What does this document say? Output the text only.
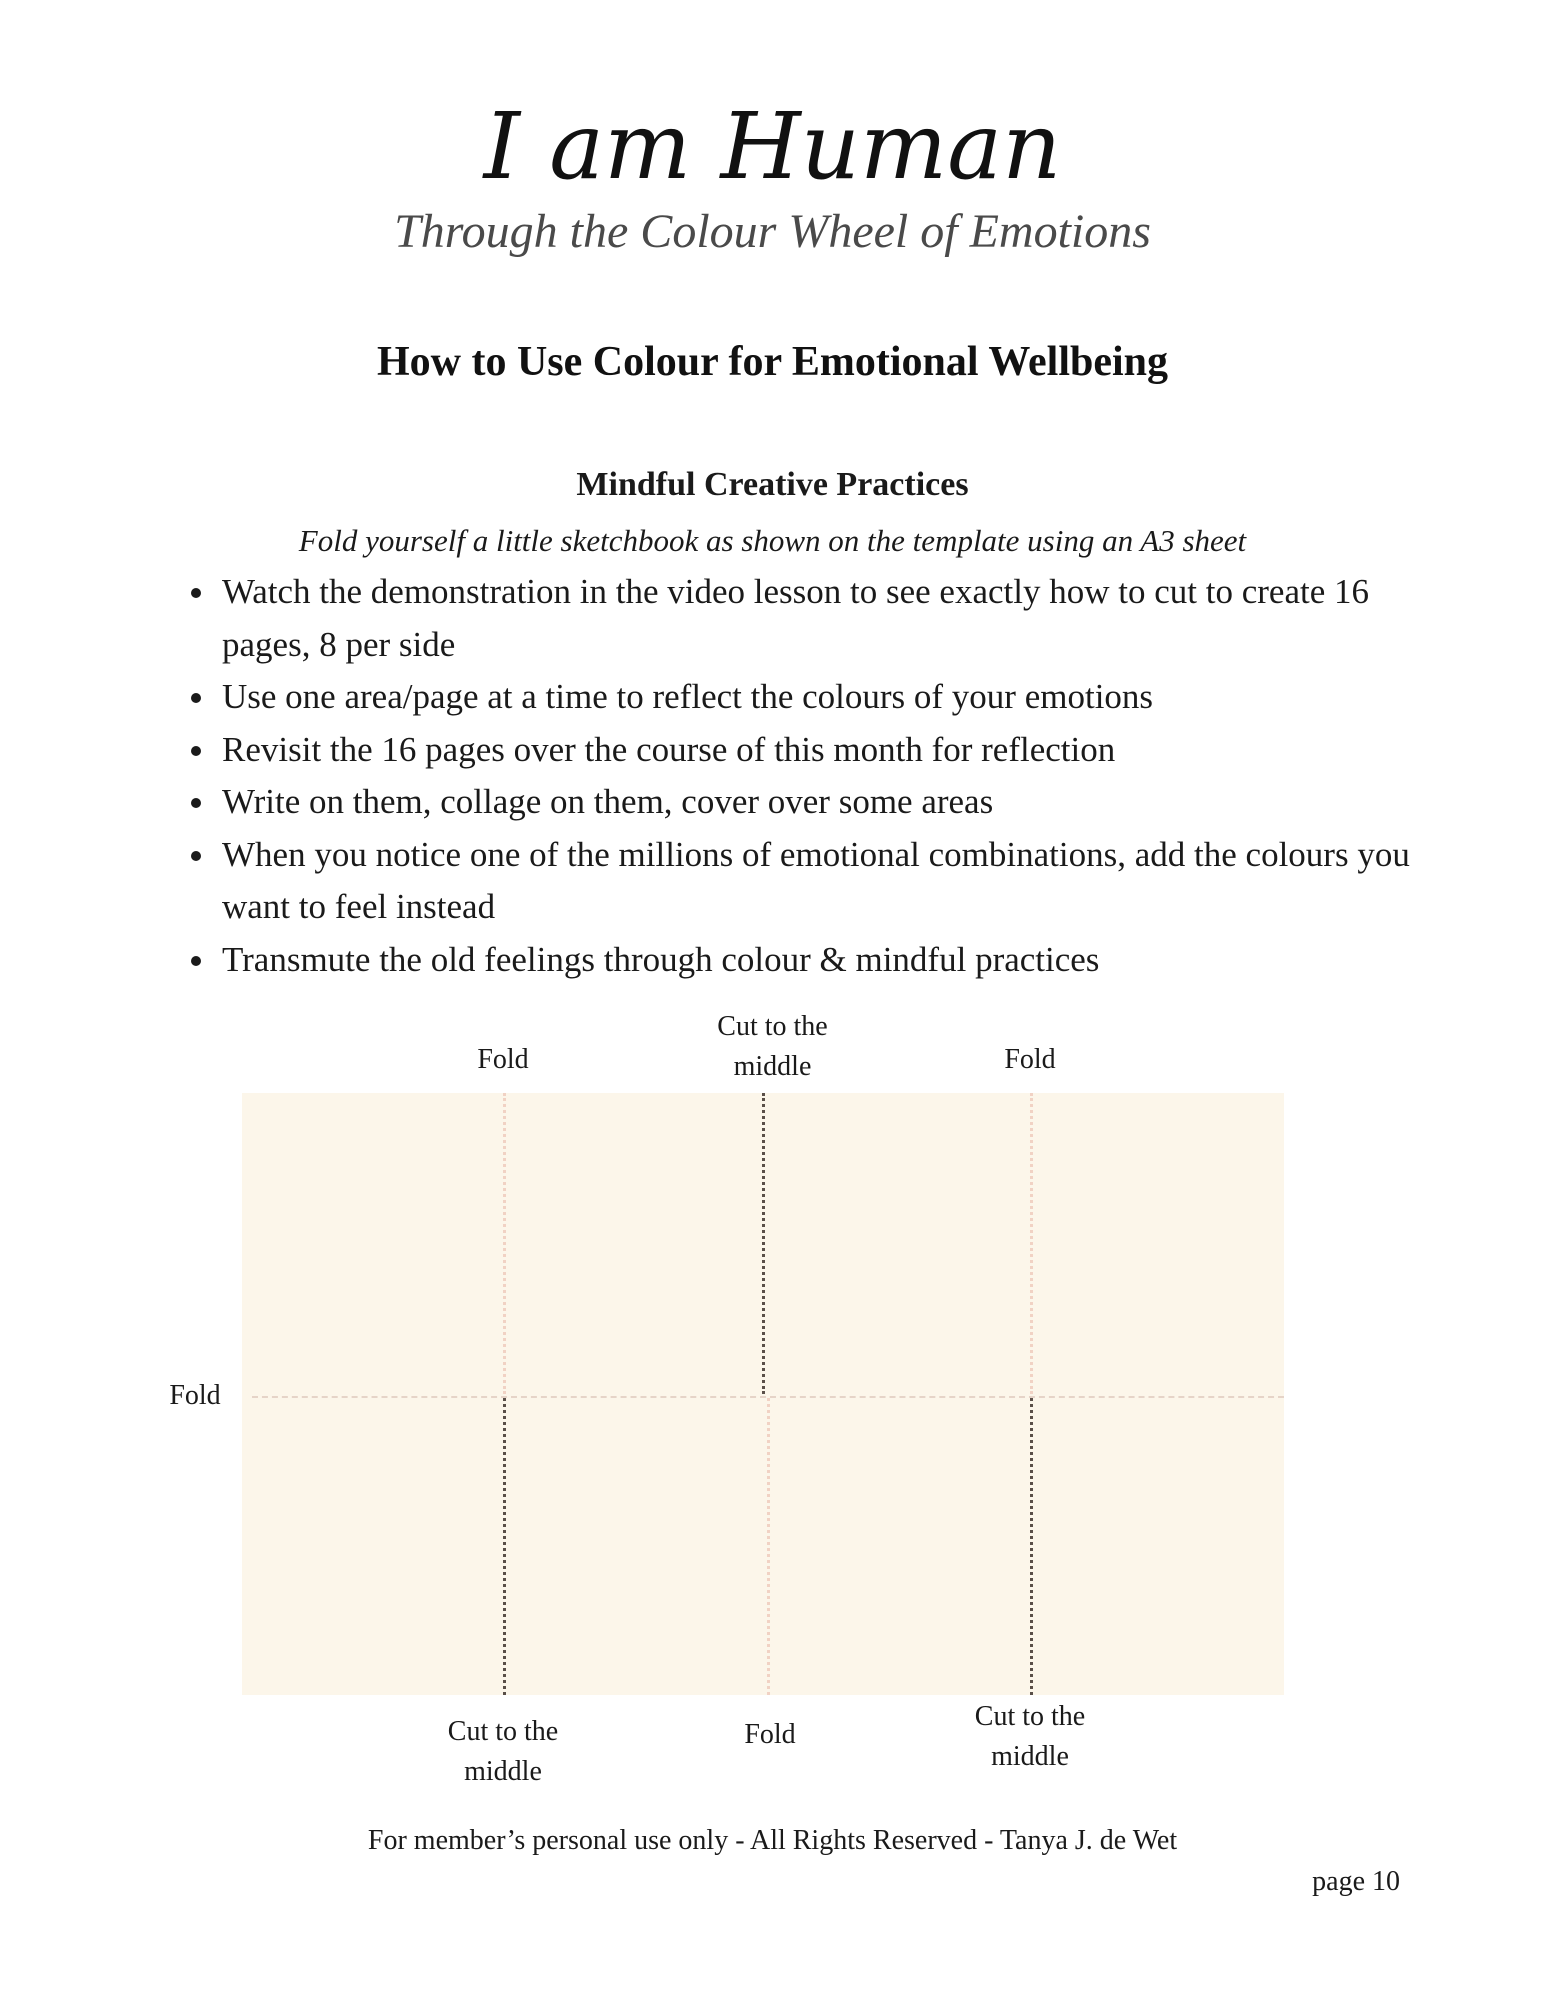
I am Human
Through the Colour Wheel of Emotions
How to Use Colour for Emotional Wellbeing
Mindful Creative Practices
Fold yourself a little sketchbook as shown on the template using an A3 sheet
• Watch the demonstration in the video lesson to see exactly how to cut to create 16 pages, 8 per side
• Use one area/page at a time to reflect the colours of your emotions
• Revisit the 16 pages over the course of this month for reflection
• Write on them, collage on them, cover over some areas
• When you notice one of the millions of emotional combinations, add the colours you want to feel instead
• Transmute the old feelings through colour & mindful practices
Fold
Cut to the middle	Fold
Fold
Cut to the middle
Fold
Cut to the middle
For member’s personal use only - All Rights Reserved - Tanya J. de Wet
page 10
